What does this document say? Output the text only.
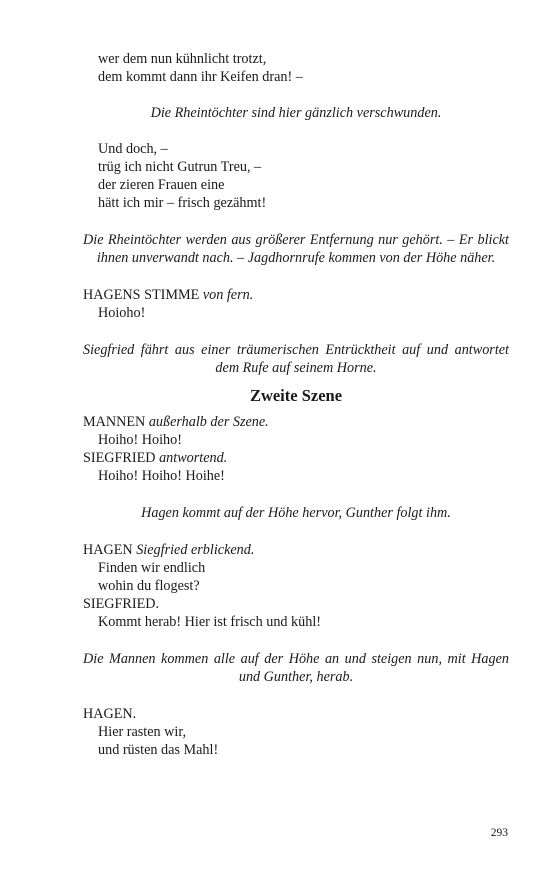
wer dem nun kühnlicht trotzt,
dem kommt dann ihr Keifen dran! –
Die Rheintöchter sind hier gänzlich verschwunden.
Und doch, –
trüg ich nicht Gutrun Treu, –
der zieren Frauen eine
hätt ich mir – frisch gezähmt!
Die Rheintöchter werden aus größerer Entfernung nur gehört. – Er blickt ihnen unverwandt nach. – Jagdhornrufe kommen von der Höhe näher.
HAGENS STIMME von fern.
Hoioho!
Siegfried fährt aus einer träumerischen Entrücktheit auf und antwortet dem Rufe auf seinem Horne.
Zweite Szene
MANNEN außerhalb der Szene.
Hoiho! Hoiho!
SIEGFRIED antwortend.
Hoiho! Hoiho! Hoihe!
Hagen kommt auf der Höhe hervor, Gunther folgt ihm.
HAGEN Siegfried erblickend.
Finden wir endlich
wohin du flogest?
SIEGFRIED.
Kommt herab! Hier ist frisch und kühl!
Die Mannen kommen alle auf der Höhe an und steigen nun, mit Hagen und Gunther, herab.
HAGEN.
Hier rasten wir,
und rüsten das Mahl!
293
